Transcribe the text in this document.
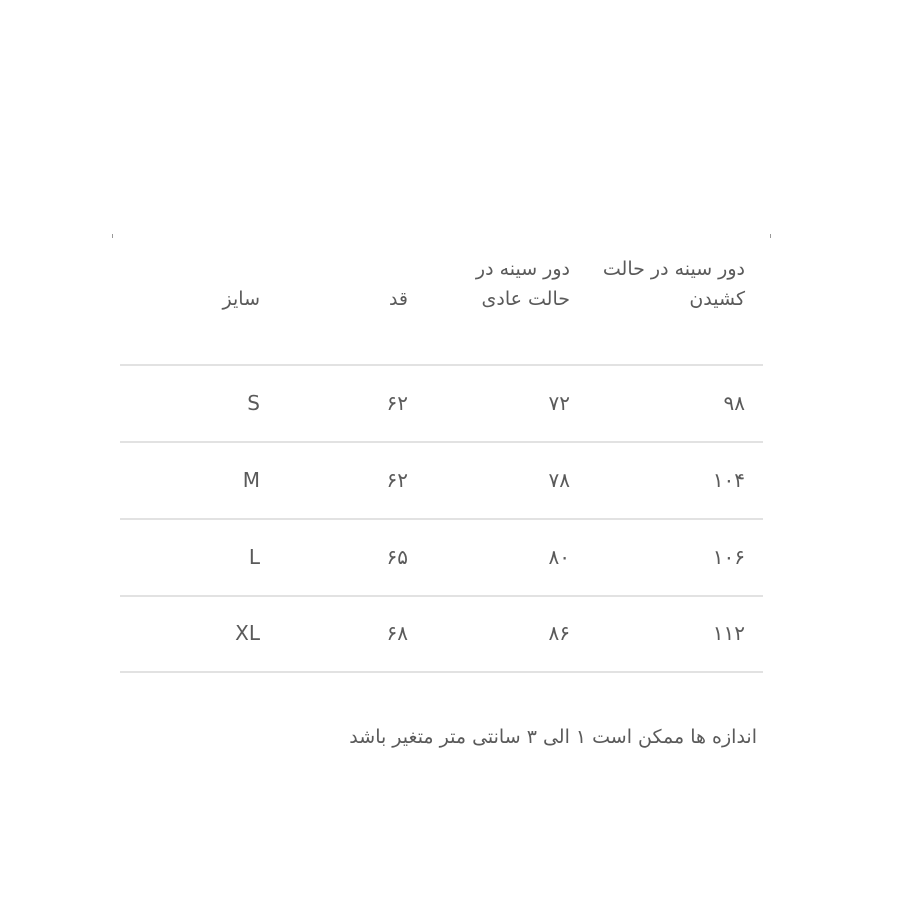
دور سینه در حالت کشیدن
دور سینه در حالت عادی
قد
سایز
۹۸
۷۲
۶۲
S
۱۰۴
۷۸
۶۲
M
۱۰۶
۸۰
۶۵
L
۱۱۲
۸۶
۶۸
XL
اندازه ها ممکن است ۱ الی ۳ سانتی متر متغیر باشد
